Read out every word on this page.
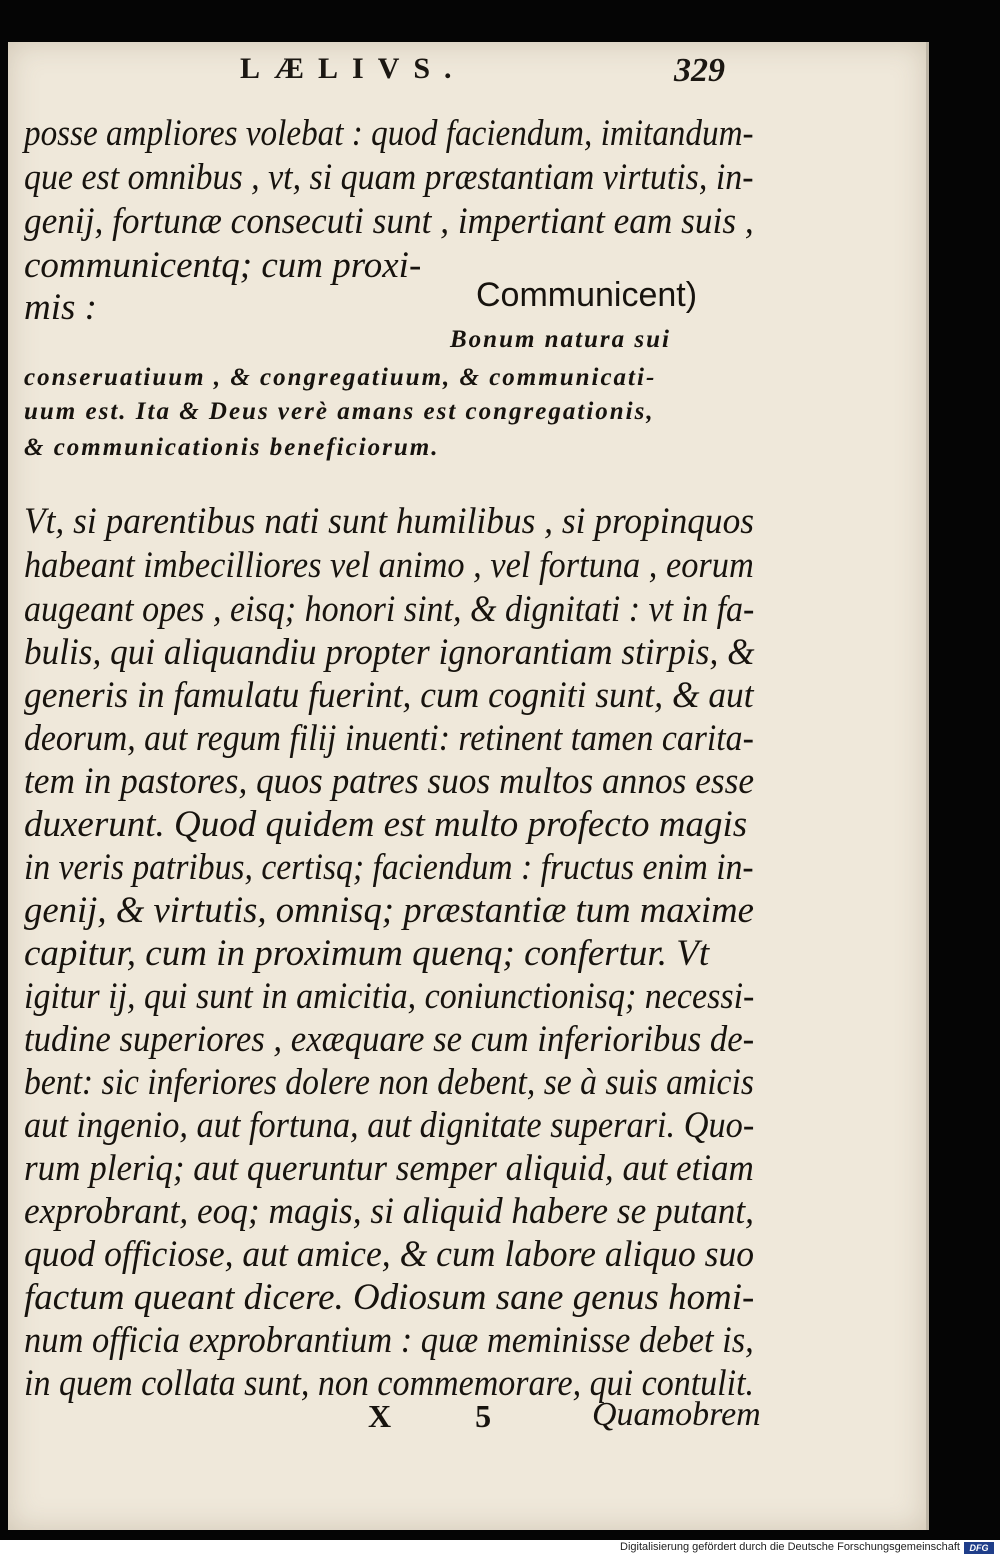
LÆLIVS.	329
posse ampliores volebat : quod faciendum, imitandum-
que est omnibus , vt, si quam præstantiam virtutis, in-
genij, fortunæ consecuti sunt , impertiant eam suis ,
communicentq; cum proxi-
mis :	Communicent)
Bonum natura sui
conseruatiuum , & congregatiuum, & communicati-
uum est. Ita & Deus verè amans est congregationis,
& communicationis beneficiorum.
Vt, si parentibus nati sunt humilibus , si propinquos
habeant imbecilliores vel animo , vel fortuna , eorum
augeant opes , eisq; honori sint, & dignitati : vt in fa-
bulis, qui aliquandiu propter ignorantiam stirpis, &
generis in famulatu fuerint, cum cogniti sunt, & aut
deorum, aut regum filij inuenti: retinent tamen carita-
tem in pastores, quos patres suos multos annos esse
duxerunt. Quod quidem est multo profecto magis
in veris patribus, certisq; faciendum : fructus enim in-
genij, & virtutis, omnisq; præstantiæ tum maxime
capitur, cum in proximum quenq; confertur. Vt
igitur ij, qui sunt in amicitia, coniunctionisq; necessi-
tudine superiores , exæquare se cum inferioribus de-
bent: sic inferiores dolere non debent, se à suis amicis
aut ingenio, aut fortuna, aut dignitate superari. Quo-
rum pleriq; aut queruntur semper aliquid, aut etiam
exprobrant, eoq; magis, si aliquid habere se putant,
quod officiose, aut amice, & cum labore aliquo suo
factum queant dicere. Odiosum sane genus homi-
num officia exprobrantium : quæ meminisse debet is,
in quem collata sunt, non commemorare, qui contulit.
X 5 Quamobrem
Digitalisierung gefördert durch die Deutsche Forschungsgemeinschaft	DFG
